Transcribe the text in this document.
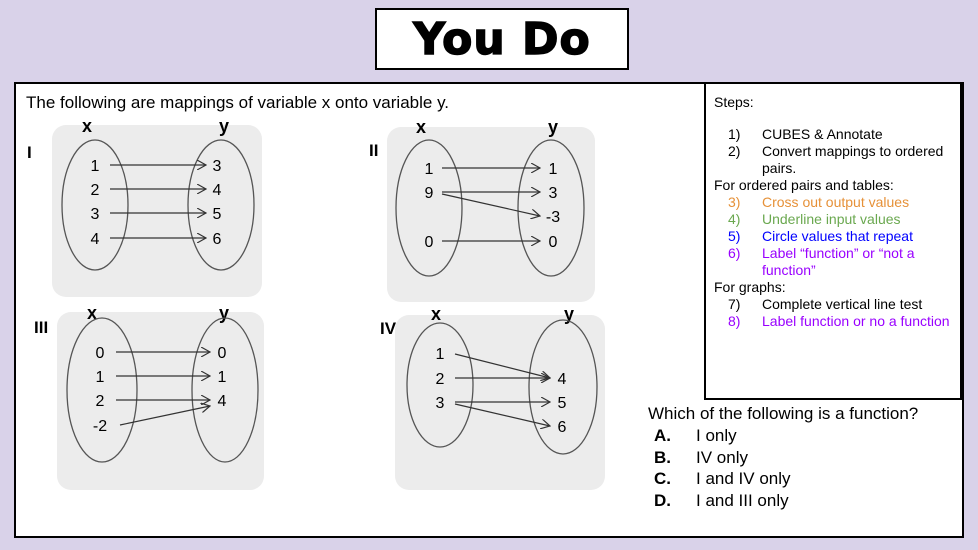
You Do
The following are mappings of variable x onto variable y.
I
x	y
1
2
3
4
3
4
5
6
II
x	y
1
9
0
1
3
-3
0
III
x	y
0
1
2
-2
0
1
4
IV
x	y
1
2
3
4
5
6
Steps:
1)	CUBES & Annotate
2)	Convert mappings to ordered pairs.
For ordered pairs and tables:
3)	Cross out output values
4)	Underline input values
5)	Circle values that repeat
6)	Label “function” or “not a function”
For graphs:
7)	Complete vertical line test
8)	Label function or no a function
Which of the following is a function?
A.	I only
B.	IV only
C.	I and IV only
D.	I and III only
